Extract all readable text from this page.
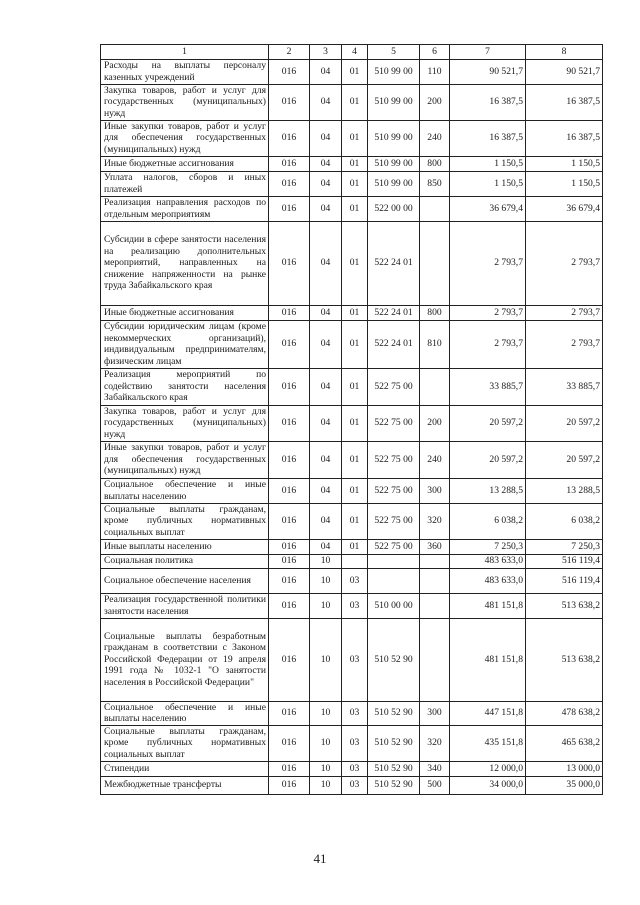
1	2	3	4	5	6	7	8
Расходы на выплаты персоналу казенных учреждений	016	04	01	510 99 00	110	90 521,7	90 521,7
Закупка товаров, работ и услуг для государственных (муниципальных) нужд	016	04	01	510 99 00	200	16 387,5	16 387,5
Иные закупки товаров, работ и услуг для обеспечения государственных (муниципальных) нужд	016	04	01	510 99 00	240	16 387,5	16 387,5
Иные бюджетные ассигнования	016	04	01	510 99 00	800	1 150,5	1 150,5
Уплата налогов, сборов и иных платежей	016	04	01	510 99 00	850	1 150,5	1 150,5
Реализация направления расходов по отдельным мероприятиям	016	04	01	522 00 00		36 679,4	36 679,4
Субсидии в сфере занятости населения на реализацию дополнительных мероприятий, направленных на снижение напряженности на рынке труда Забайкальского края	016	04	01	522 24 01		2 793,7	2 793,7
Иные бюджетные ассигнования	016	04	01	522 24 01	800	2 793,7	2 793,7
Субсидии юридическим лицам (кроме некоммерческих организаций), индивидуальным предпринимателям, физическим лицам	016	04	01	522 24 01	810	2 793,7	2 793,7
Реализация мероприятий по содействию занятости населения Забайкальского края	016	04	01	522 75 00		33 885,7	33 885,7
Закупка товаров, работ и услуг для государственных (муниципальных) нужд	016	04	01	522 75 00	200	20 597,2	20 597,2
Иные закупки товаров, работ и услуг для обеспечения государственных (муниципальных) нужд	016	04	01	522 75 00	240	20 597,2	20 597,2
Социальное обеспечение и иные выплаты населению	016	04	01	522 75 00	300	13 288,5	13 288,5
Социальные выплаты гражданам, кроме публичных нормативных социальных выплат	016	04	01	522 75 00	320	6 038,2	6 038,2
Иные выплаты населению	016	04	01	522 75 00	360	7 250,3	7 250,3
Социальная политика	016	10				483 633,0	516 119,4
Социальное обеспечение населения	016	10	03			483 633,0	516 119,4
Реализация государственной политики занятости населения	016	10	03	510 00 00		481 151,8	513 638,2
Социальные выплаты безработным гражданам в соответствии с Законом Российской Федерации от 19 апреля 1991 года № 1032-1 "О занятости населения в Российской Федерации"	016	10	03	510 52 90		481 151,8	513 638,2
Социальное обеспечение и иные выплаты населению	016	10	03	510 52 90	300	447 151,8	478 638,2
Социальные выплаты гражданам, кроме публичных нормативных социальных выплат	016	10	03	510 52 90	320	435 151,8	465 638,2
Стипендии	016	10	03	510 52 90	340	12 000,0	13 000,0
Межбюджетные трансферты	016	10	03	510 52 90	500	34 000,0	35 000,0
41
